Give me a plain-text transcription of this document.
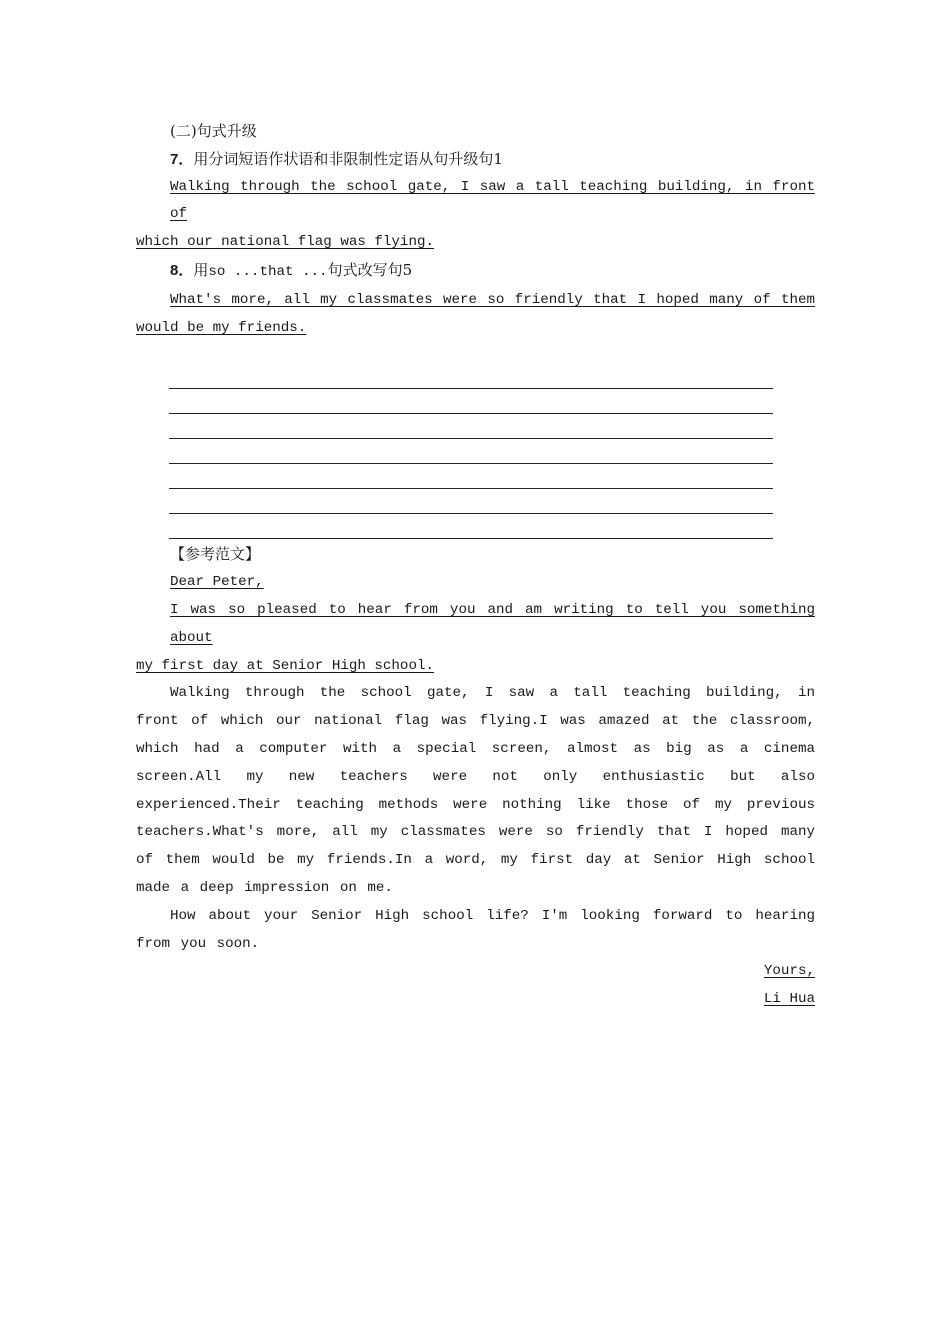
(二)句式升级
7．用分词短语作状语和非限制性定语从句升级句1
Walking through the school gate, I saw a tall teaching building, in front of
which our national flag was flying.
8．用so ...that ...句式改写句5
What's more, all my classmates were so friendly that I hoped many of them
would be my friends.
【参考范文】
Dear Peter,
I was so pleased to hear from you and am writing to tell you something about
my first day at Senior High school.
Walking through the school gate, I saw a tall teaching building, in front of which our national flag was flying.I was amazed at the classroom, which had a computer with a special screen, almost as big as a cinema screen.All my new teachers were not only enthusiastic but also experienced.Their teaching methods were nothing like those of my previous teachers.What's more, all my classmates were so friendly that I hoped many of them would be my friends.In a word, my first day at Senior High school made a deep impression on me.
How about your Senior High school life? I'm looking forward to hearing from you soon.
Yours,
Li Hua
